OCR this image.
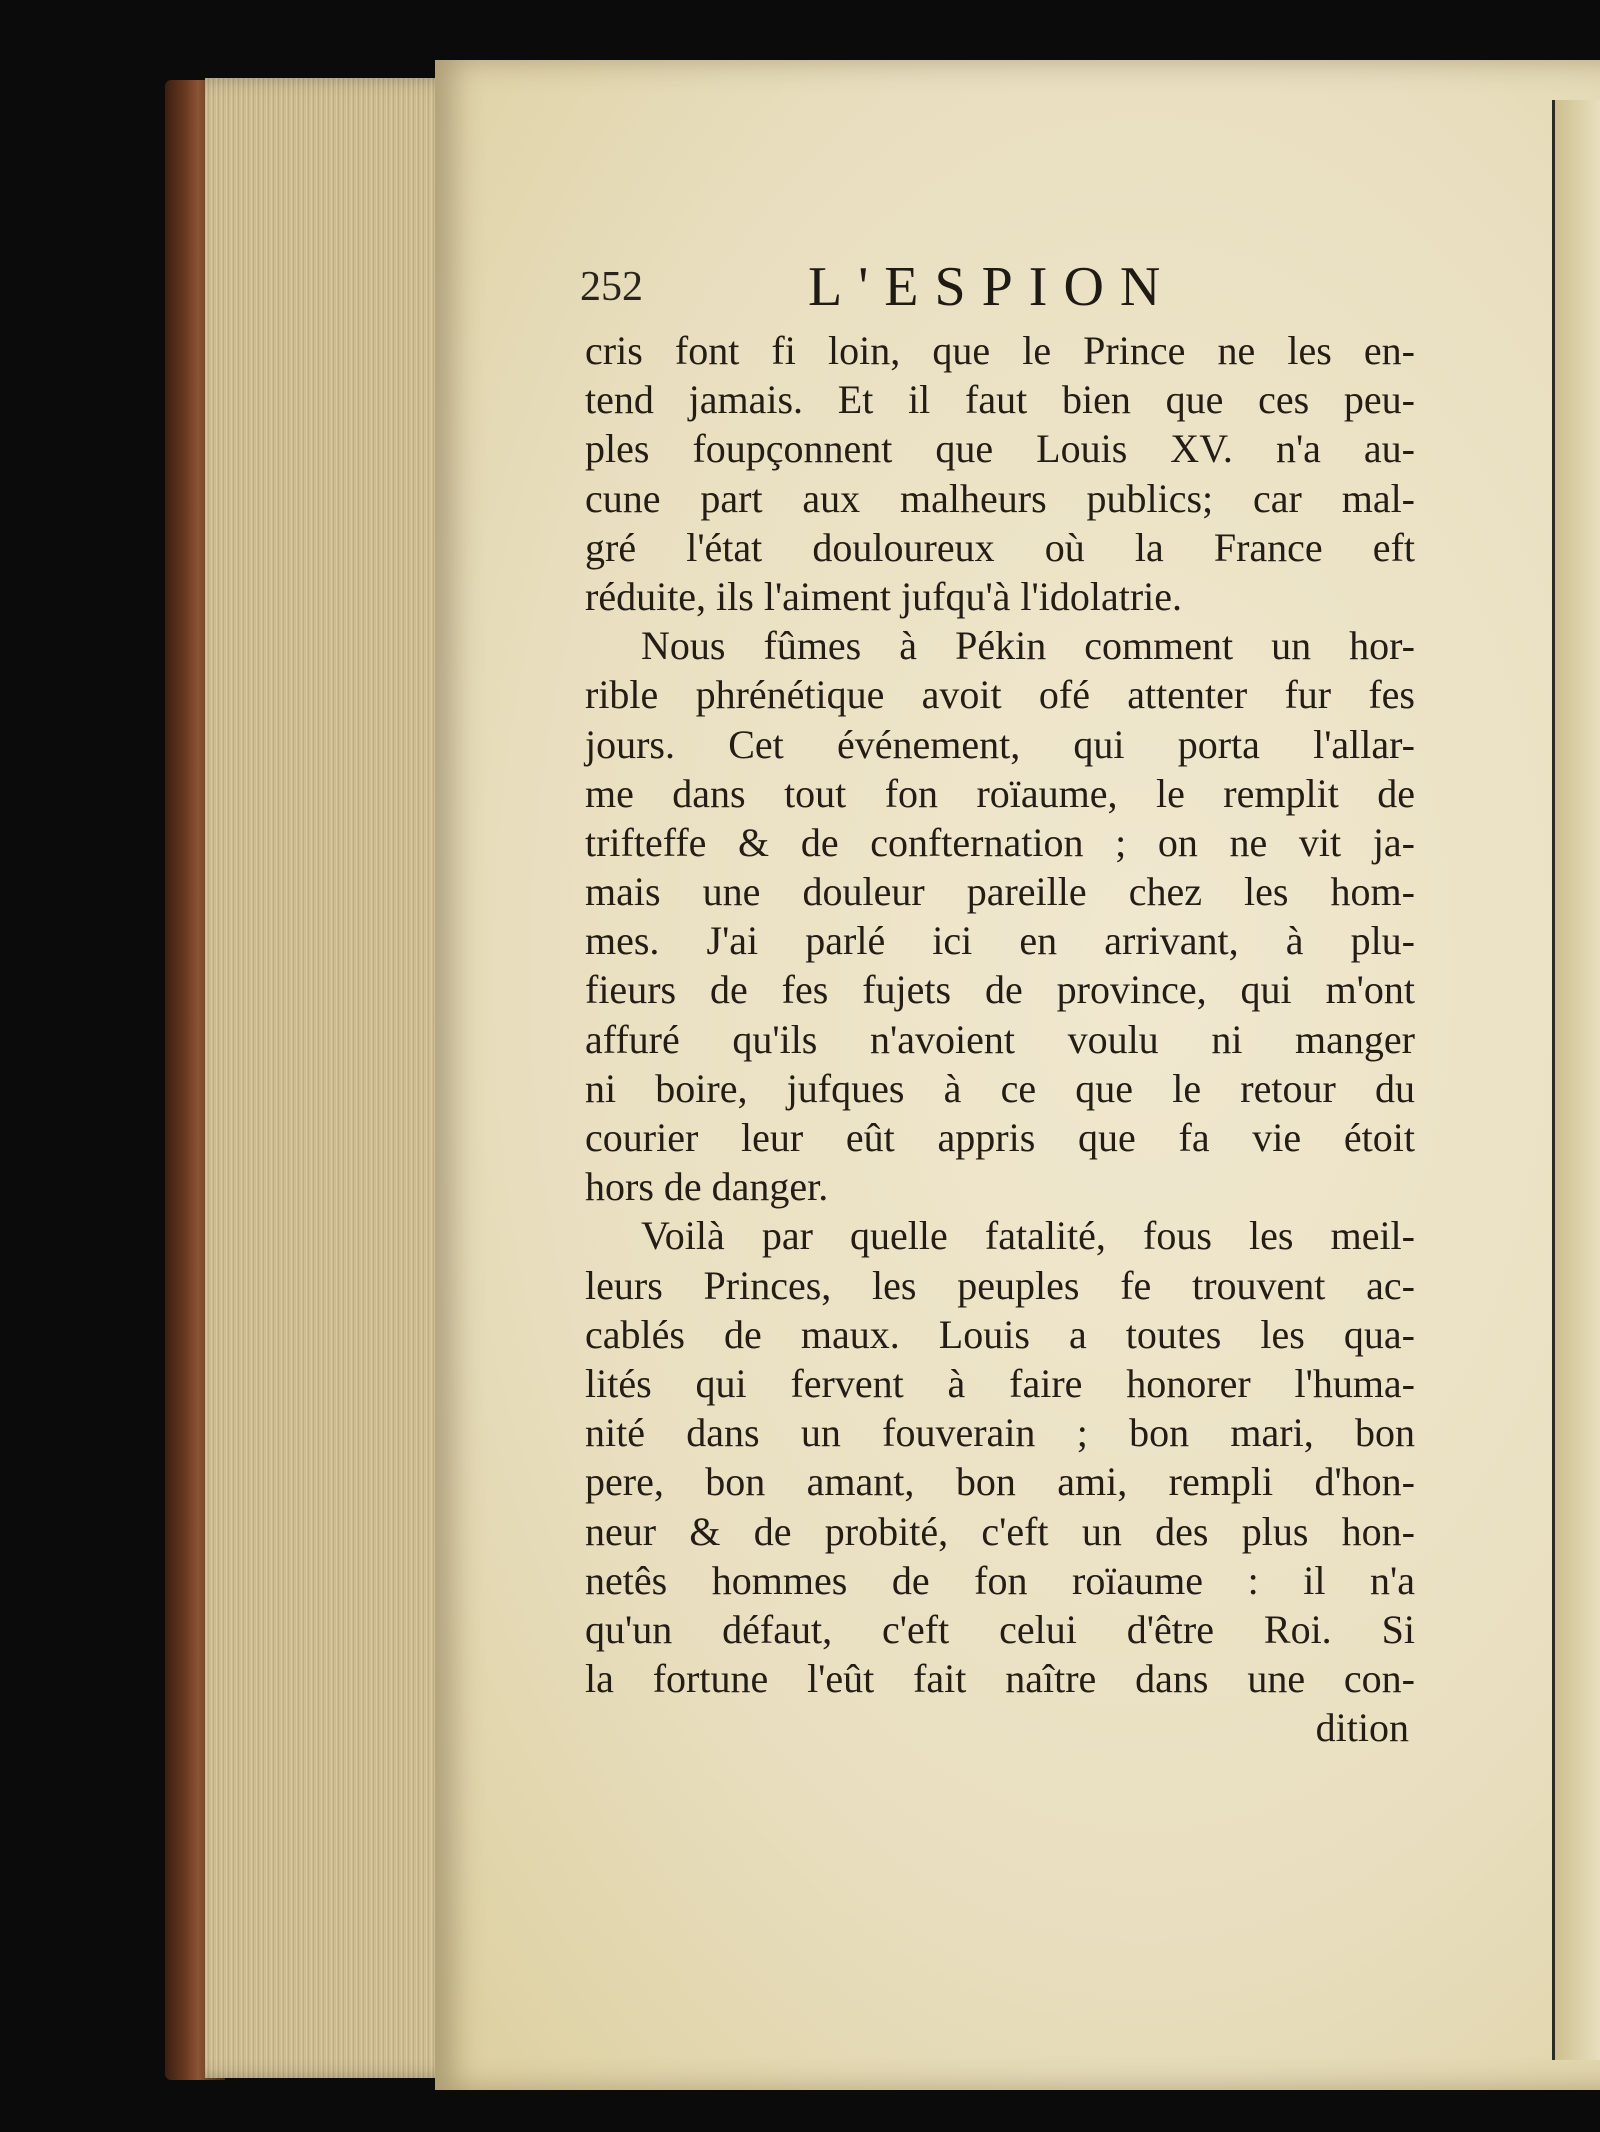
252	L'ESPION
cris font fi loin, que le Prince ne les en-
tend jamais. Et il faut bien que ces peu-
ples foupçonnent que Louis XV. n'a au-
cune part aux malheurs publics; car mal-
gré l'état douloureux où la France eft
réduite, ils l'aiment jufqu'à l'idolatrie.
Nous fûmes à Pékin comment un hor-
rible phrénétique avoit ofé attenter fur fes
jours. Cet événement, qui porta l'allar-
me dans tout fon roïaume, le remplit de
trifteffe & de confternation ; on ne vit ja-
mais une douleur pareille chez les hom-
mes. J'ai parlé ici en arrivant, à plu-
fieurs de fes fujets de province, qui m'ont
affuré qu'ils n'avoient voulu ni manger
ni boire, jufques à ce que le retour du
courier leur eût appris que fa vie étoit
hors de danger.
Voilà par quelle fatalité, fous les meil-
leurs Princes, les peuples fe trouvent ac-
cablés de maux. Louis a toutes les qua-
lités qui fervent à faire honorer l'huma-
nité dans un fouverain ; bon mari, bon
pere, bon amant, bon ami, rempli d'hon-
neur & de probité, c'eft un des plus hon-
netês hommes de fon roïaume : il n'a
qu'un défaut, c'eft celui d'être Roi. Si
la fortune l'eût fait naître dans une con-
dition
